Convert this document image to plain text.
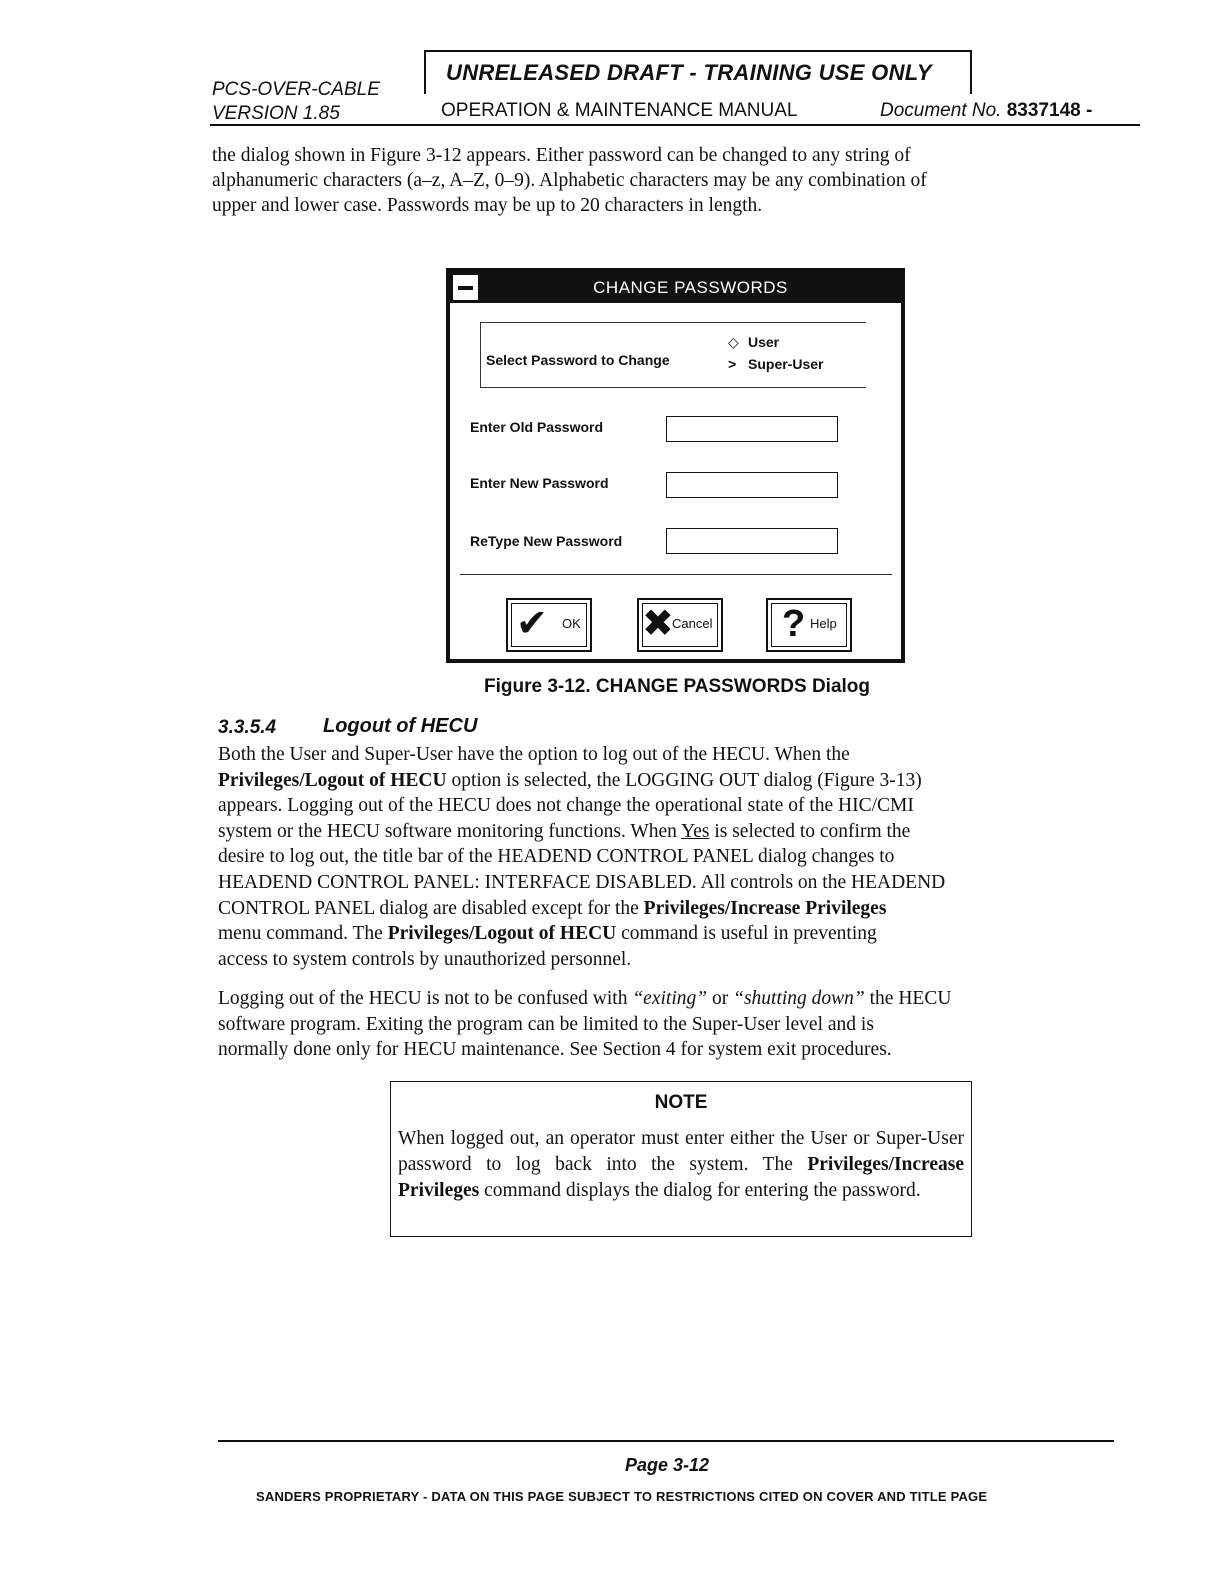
PCS-OVER-CABLE
VERSION 1.85
UNRELEASED DRAFT - TRAINING USE ONLY
OPERATION & MAINTENANCE MANUAL	Document No. 8337148 -
the dialog shown in Figure 3-12 appears. Either password can be changed to any string of
alphanumeric characters (a–z, A–Z, 0–9). Alphabetic characters may be any combination of
upper and lower case. Passwords may be up to 20 characters in length.
CHANGE PASSWORDS
Select Password to Change
◇ User
> Super-User
Enter Old Password
Enter New Password
ReType New Password
✔ OK ✖
Cancel ? Help
Figure 3-12. CHANGE PASSWORDS Dialog
3.3.5.4 Logout of HECU
Both the User and Super-User have the option to log out of the HECU. When the
Privileges/Logout of HECU option is selected, the LOGGING OUT dialog (Figure 3-13)
appears. Logging out of the HECU does not change the operational state of the HIC/CMI
system or the HECU software monitoring functions. When Yes is selected to confirm the
desire to log out, the title bar of the HEADEND CONTROL PANEL dialog changes to
HEADEND CONTROL PANEL: INTERFACE DISABLED. All controls on the HEADEND
CONTROL PANEL dialog are disabled except for the Privileges/Increase Privileges
menu command. The Privileges/Logout of HECU command is useful in preventing
access to system controls by unauthorized personnel.
Logging out of the HECU is not to be confused with “exiting” or “shutting down” the HECU
software program. Exiting the program can be limited to the Super-User level and is
normally done only for HECU maintenance. See Section 4 for system exit procedures.
NOTE
When logged out, an operator must enter either the User or Super-User password to log back into the system. The Privileges/Increase Privileges command displays the dialog for entering the password.
Page 3-12
SANDERS PROPRIETARY - DATA ON THIS PAGE SUBJECT TO RESTRICTIONS CITED ON COVER AND TITLE PAGE
